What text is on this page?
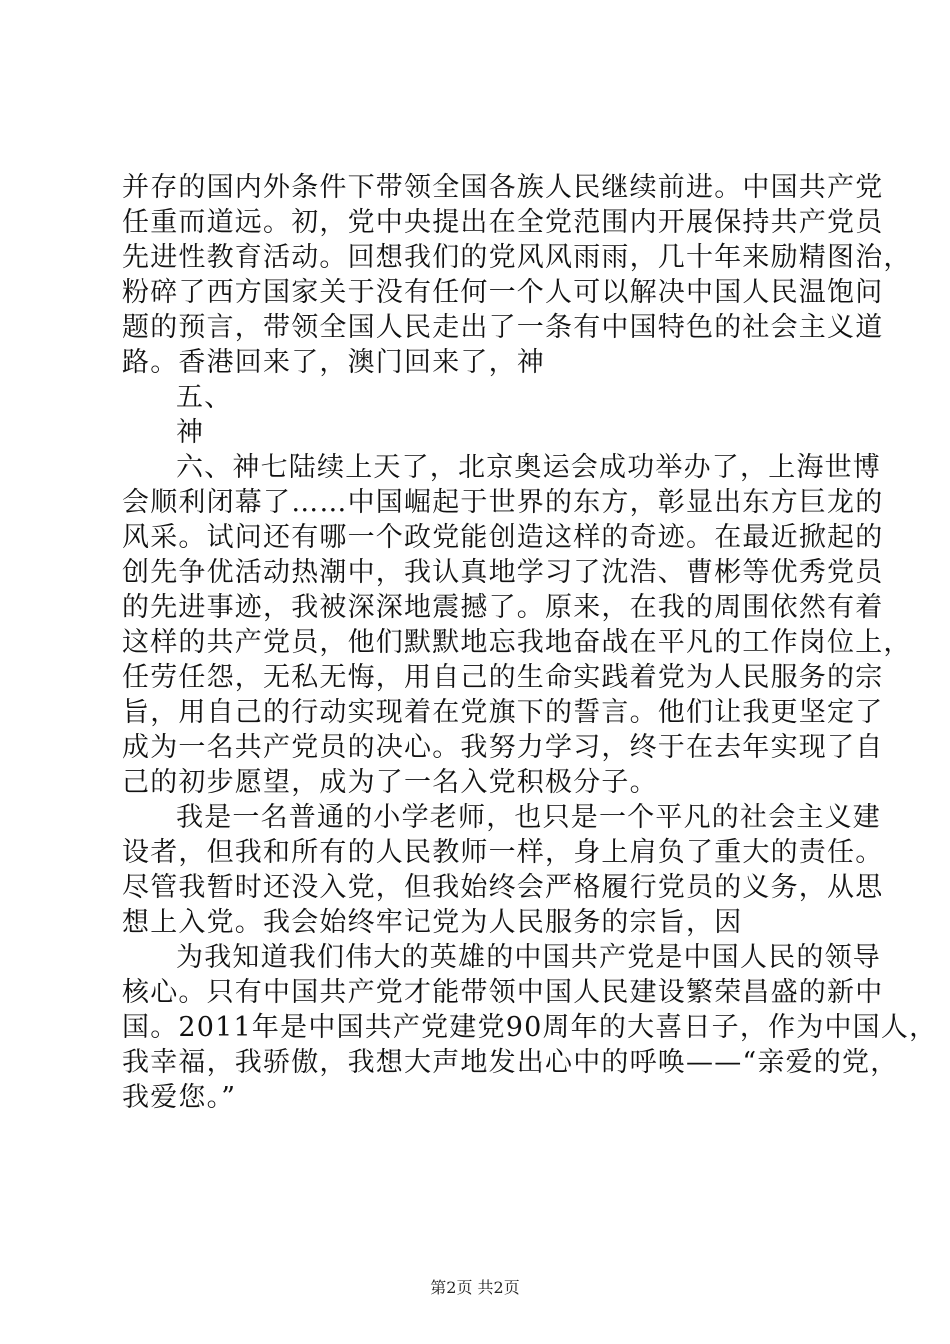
并存的国内外条件下带领全国各族人民继续前进。中国共产党
任重而道远。初，党中央提出在全党范围内开展保持共产党员
先进性教育活动。回想我们的党风风雨雨，几十年来励精图治，
粉碎了西方国家关于没有任何一个人可以解决中国人民温饱问
题的预言，带领全国人民走出了一条有中国特色的社会主义道
路。香港回来了，澳门回来了，神
五、
神
六、神七陆续上天了，北京奥运会成功举办了，上海世博
会顺利闭幕了……中国崛起于世界的东方，彰显出东方巨龙的
风采。试问还有哪一个政党能创造这样的奇迹。在最近掀起的
创先争优活动热潮中，我认真地学习了沈浩、曹彬等优秀党员
的先进事迹，我被深深地震撼了。原来，在我的周围依然有着
这样的共产党员，他们默默地忘我地奋战在平凡的工作岗位上，
任劳任怨，无私无悔，用自己的生命实践着党为人民服务的宗
旨，用自己的行动实现着在党旗下的誓言。他们让我更坚定了
成为一名共产党员的决心。我努力学习，终于在去年实现了自
己的初步愿望，成为了一名入党积极分子。
我是一名普通的小学老师，也只是一个平凡的社会主义建
设者，但我和所有的人民教师一样，身上肩负了重大的责任。
尽管我暂时还没入党，但我始终会严格履行党员的义务，从思
想上入党。我会始终牢记党为人民服务的宗旨，因
为我知道我们伟大的英雄的中国共产党是中国人民的领导
核心。只有中国共产党才能带领中国人民建设繁荣昌盛的新中
国。2011年是中国共产党建党90周年的大喜日子，作为中国人，
我幸福，我骄傲，我想大声地发出心中的呼唤——“亲爱的党，
我爱您。”
第2页 共2页
